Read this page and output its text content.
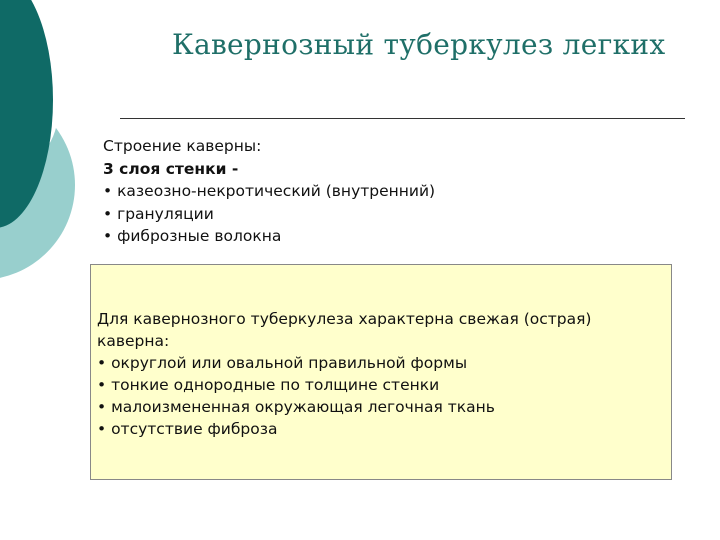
Кавернозный туберкулез легких
Строение каверны:
3 слоя стенки -
• казеозно-некротический (внутренний)
• грануляции
• фиброзные волокна
Для кавернозного туберкулеза характерна свежая (острая)
каверна:
• округлой или овальной правильной формы
• тонкие однородные по толщине стенки
• малоизмененная окружающая легочная ткань
• отсутствие фиброза
